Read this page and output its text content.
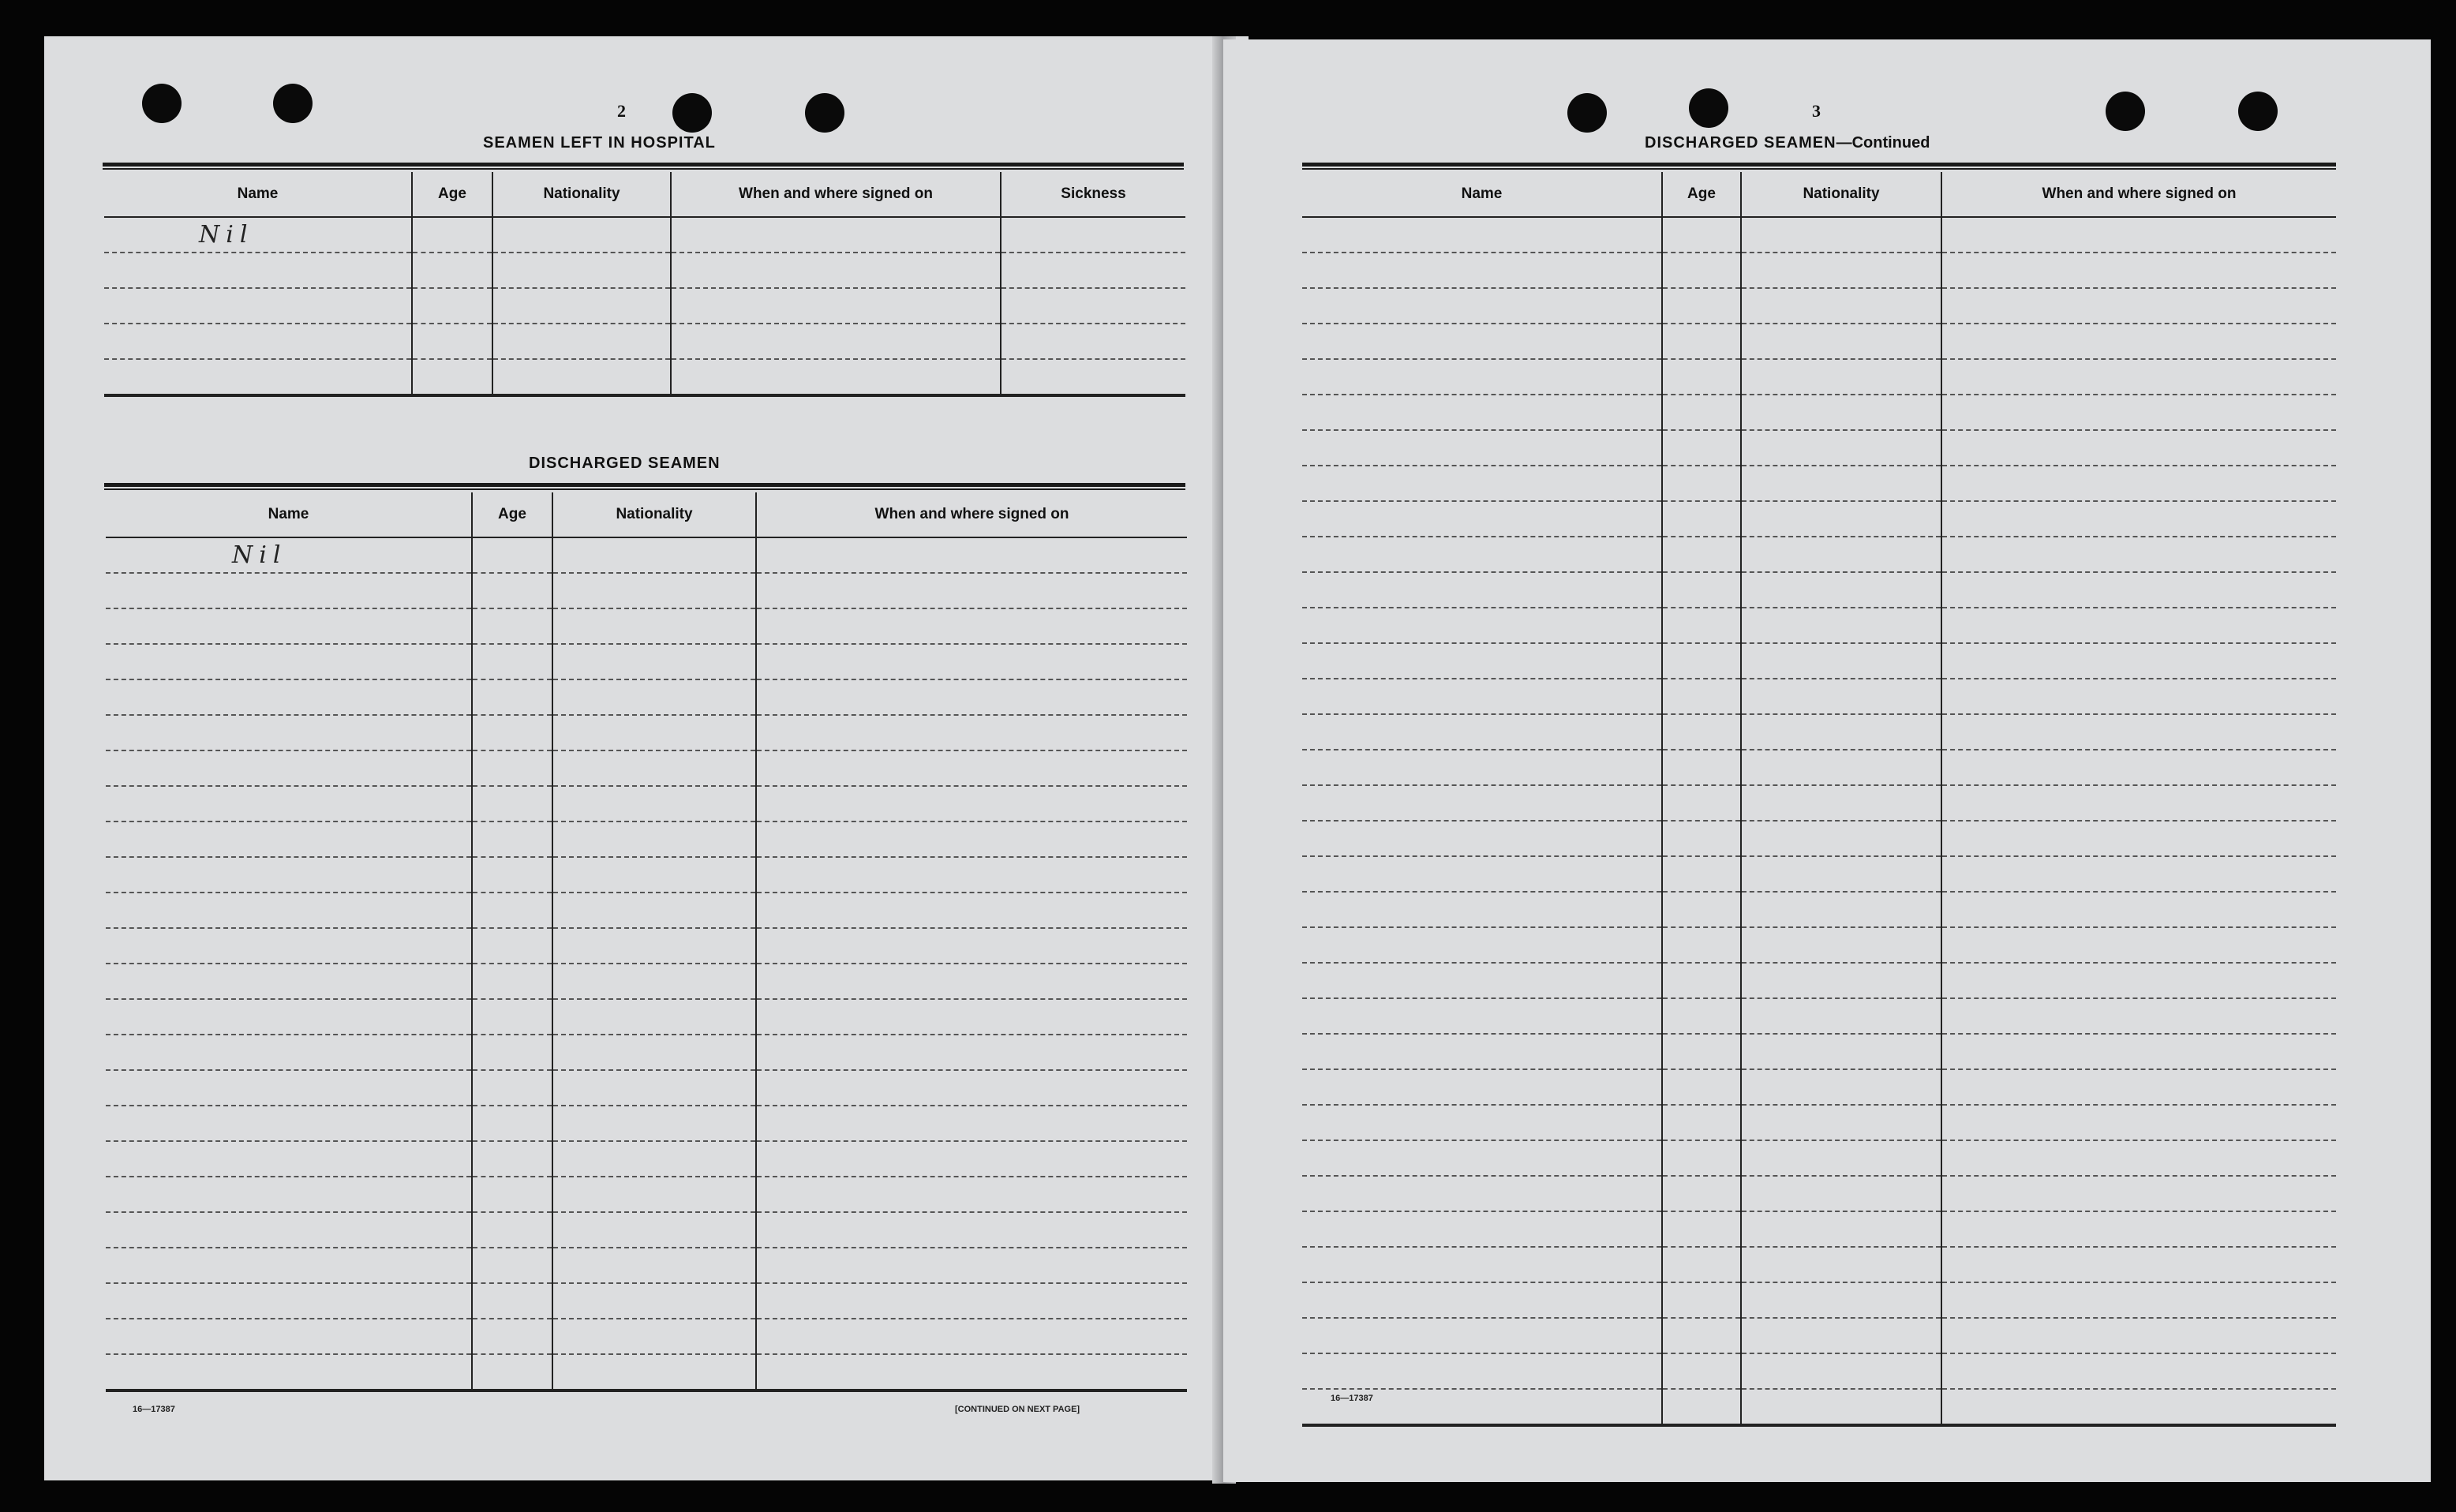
2
SEAMEN LEFT IN HOSPITAL
Name	Age	Nationality	When and where signed on	Sickness
Nil				

DISCHARGED SEAMEN
Name	Age	Nationality	When and where signed on
Nil			

16—17387	[CONTINUED ON NEXT PAGE]
3
DISCHARGED SEAMEN—Continued
Name	Age	Nationality	When and where signed on

16—17387
